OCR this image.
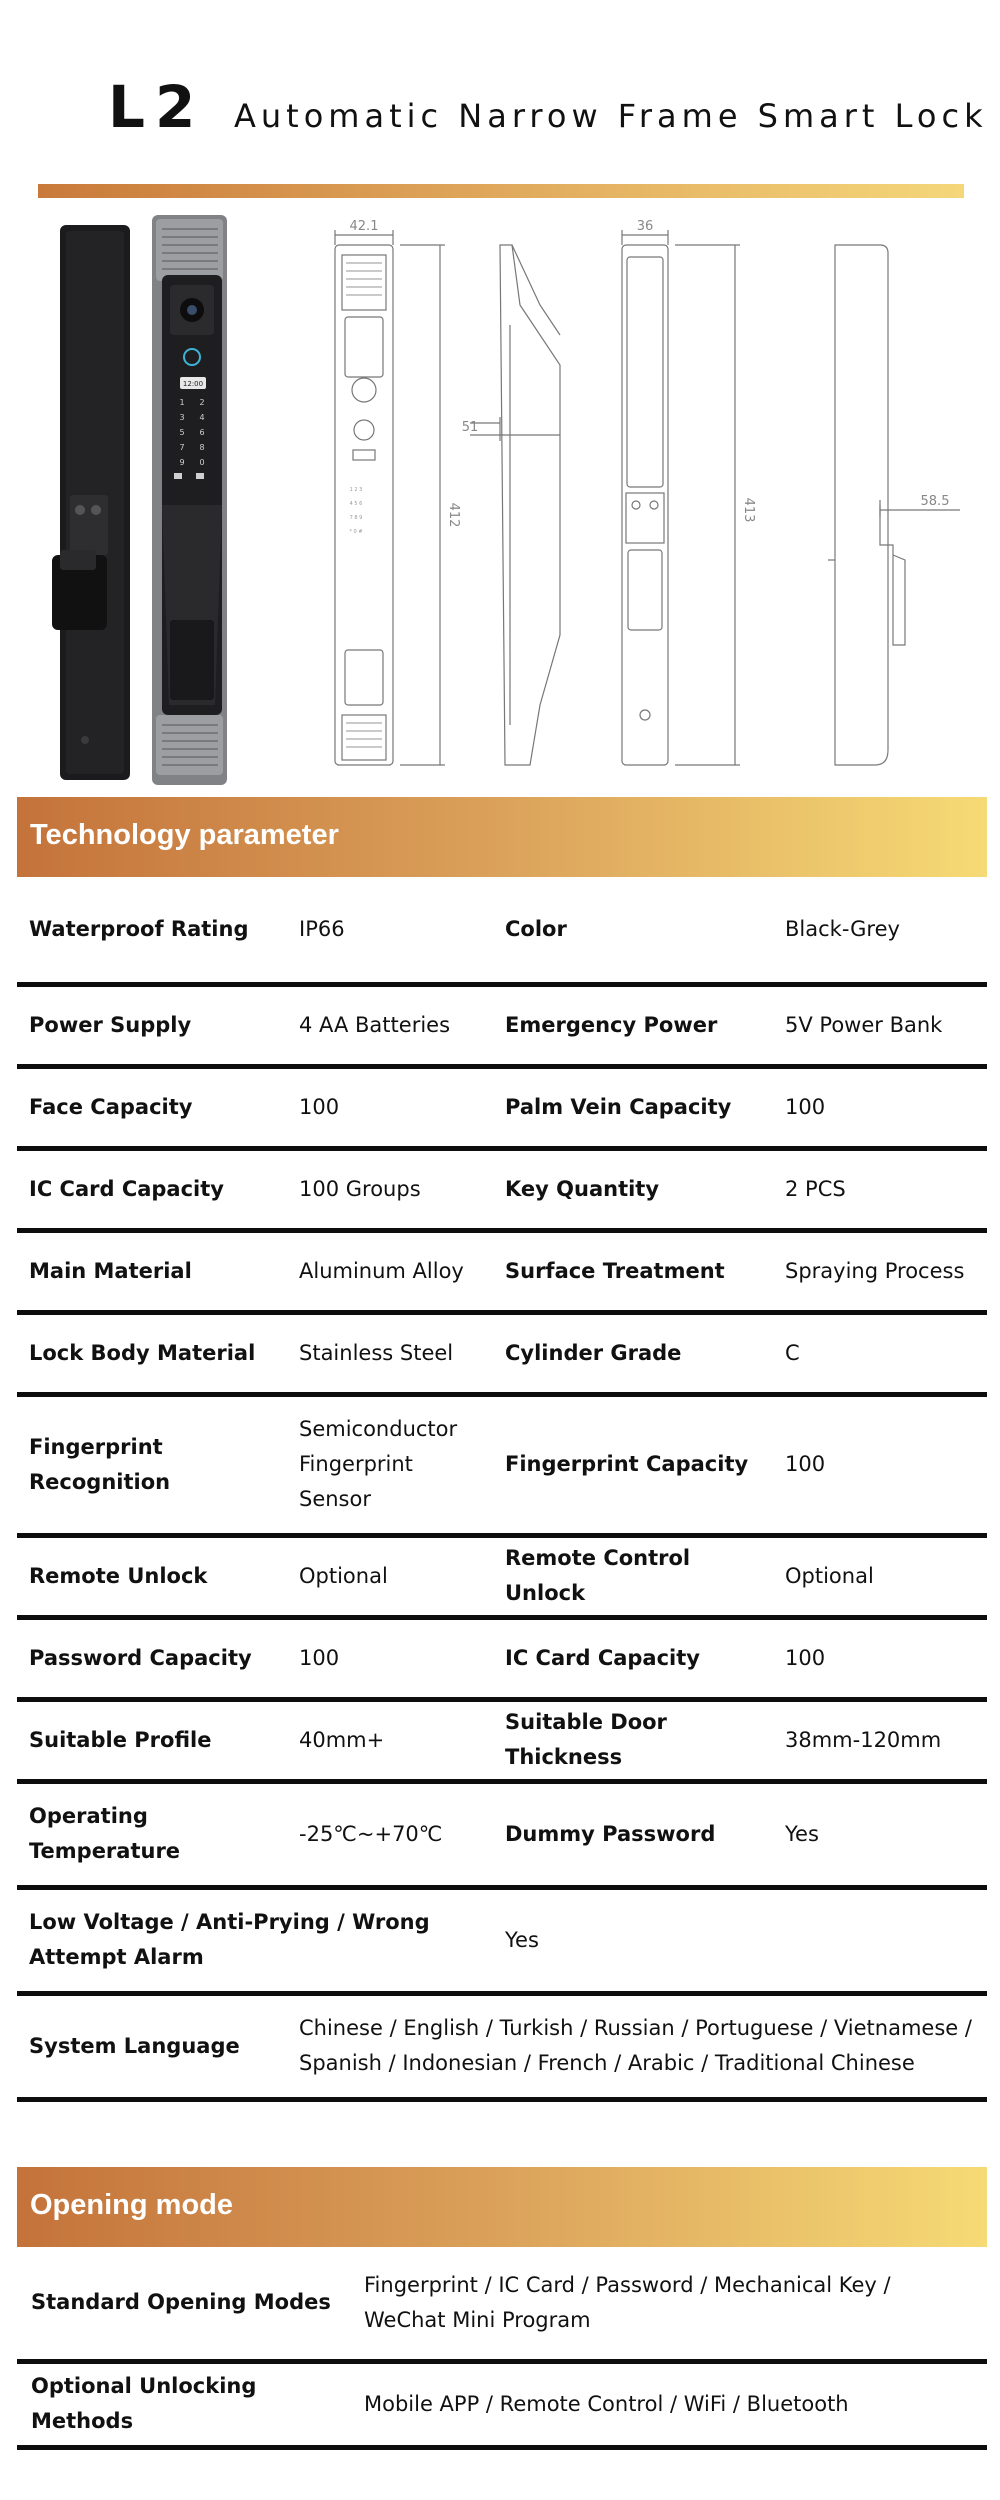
L2 Automatic Narrow Frame Smart Lock
12:00
1 2
3 4
5 6
7 8
9 0
1 2 3
4 5 6
7 8 9
* 0 #
42.1
412
51
36
413	58.5
Technology parameter
Waterproof Rating	IP66	Color	Black-Grey
Power Supply	4 AA Batteries	Emergency Power	5V Power Bank
Face Capacity	100	Palm Vein Capacity	100
IC Card Capacity	100 Groups	Key Quantity	2 PCS
Main Material	Aluminum Alloy	Surface Treatment	Spraying Process
Lock Body Material	Stainless Steel	Cylinder Grade	C
Fingerprint Recognition	Semiconductor Fingerprint Sensor	Fingerprint Capacity	100
Remote Unlock	Optional	Remote Control Unlock	Optional
Password Capacity	100	IC Card Capacity	100
Suitable Profile	40mm+	Suitable Door Thickness	38mm-120mm
Operating Temperature	-25℃~+70℃	Dummy Password	Yes
Low Voltage / Anti-Prying / Wrong Attempt Alarm		Yes	
System Language	Chinese / English / Turkish / Russian / Portuguese / Vietnamese / Spanish / Indonesian / French / Arabic / Traditional Chinese		
Opening mode
Standard Opening Modes	Fingerprint / IC Card / Password / Mechanical Key / WeChat Mini Program
Optional Unlocking Methods	Mobile APP / Remote Control / WiFi / Bluetooth
